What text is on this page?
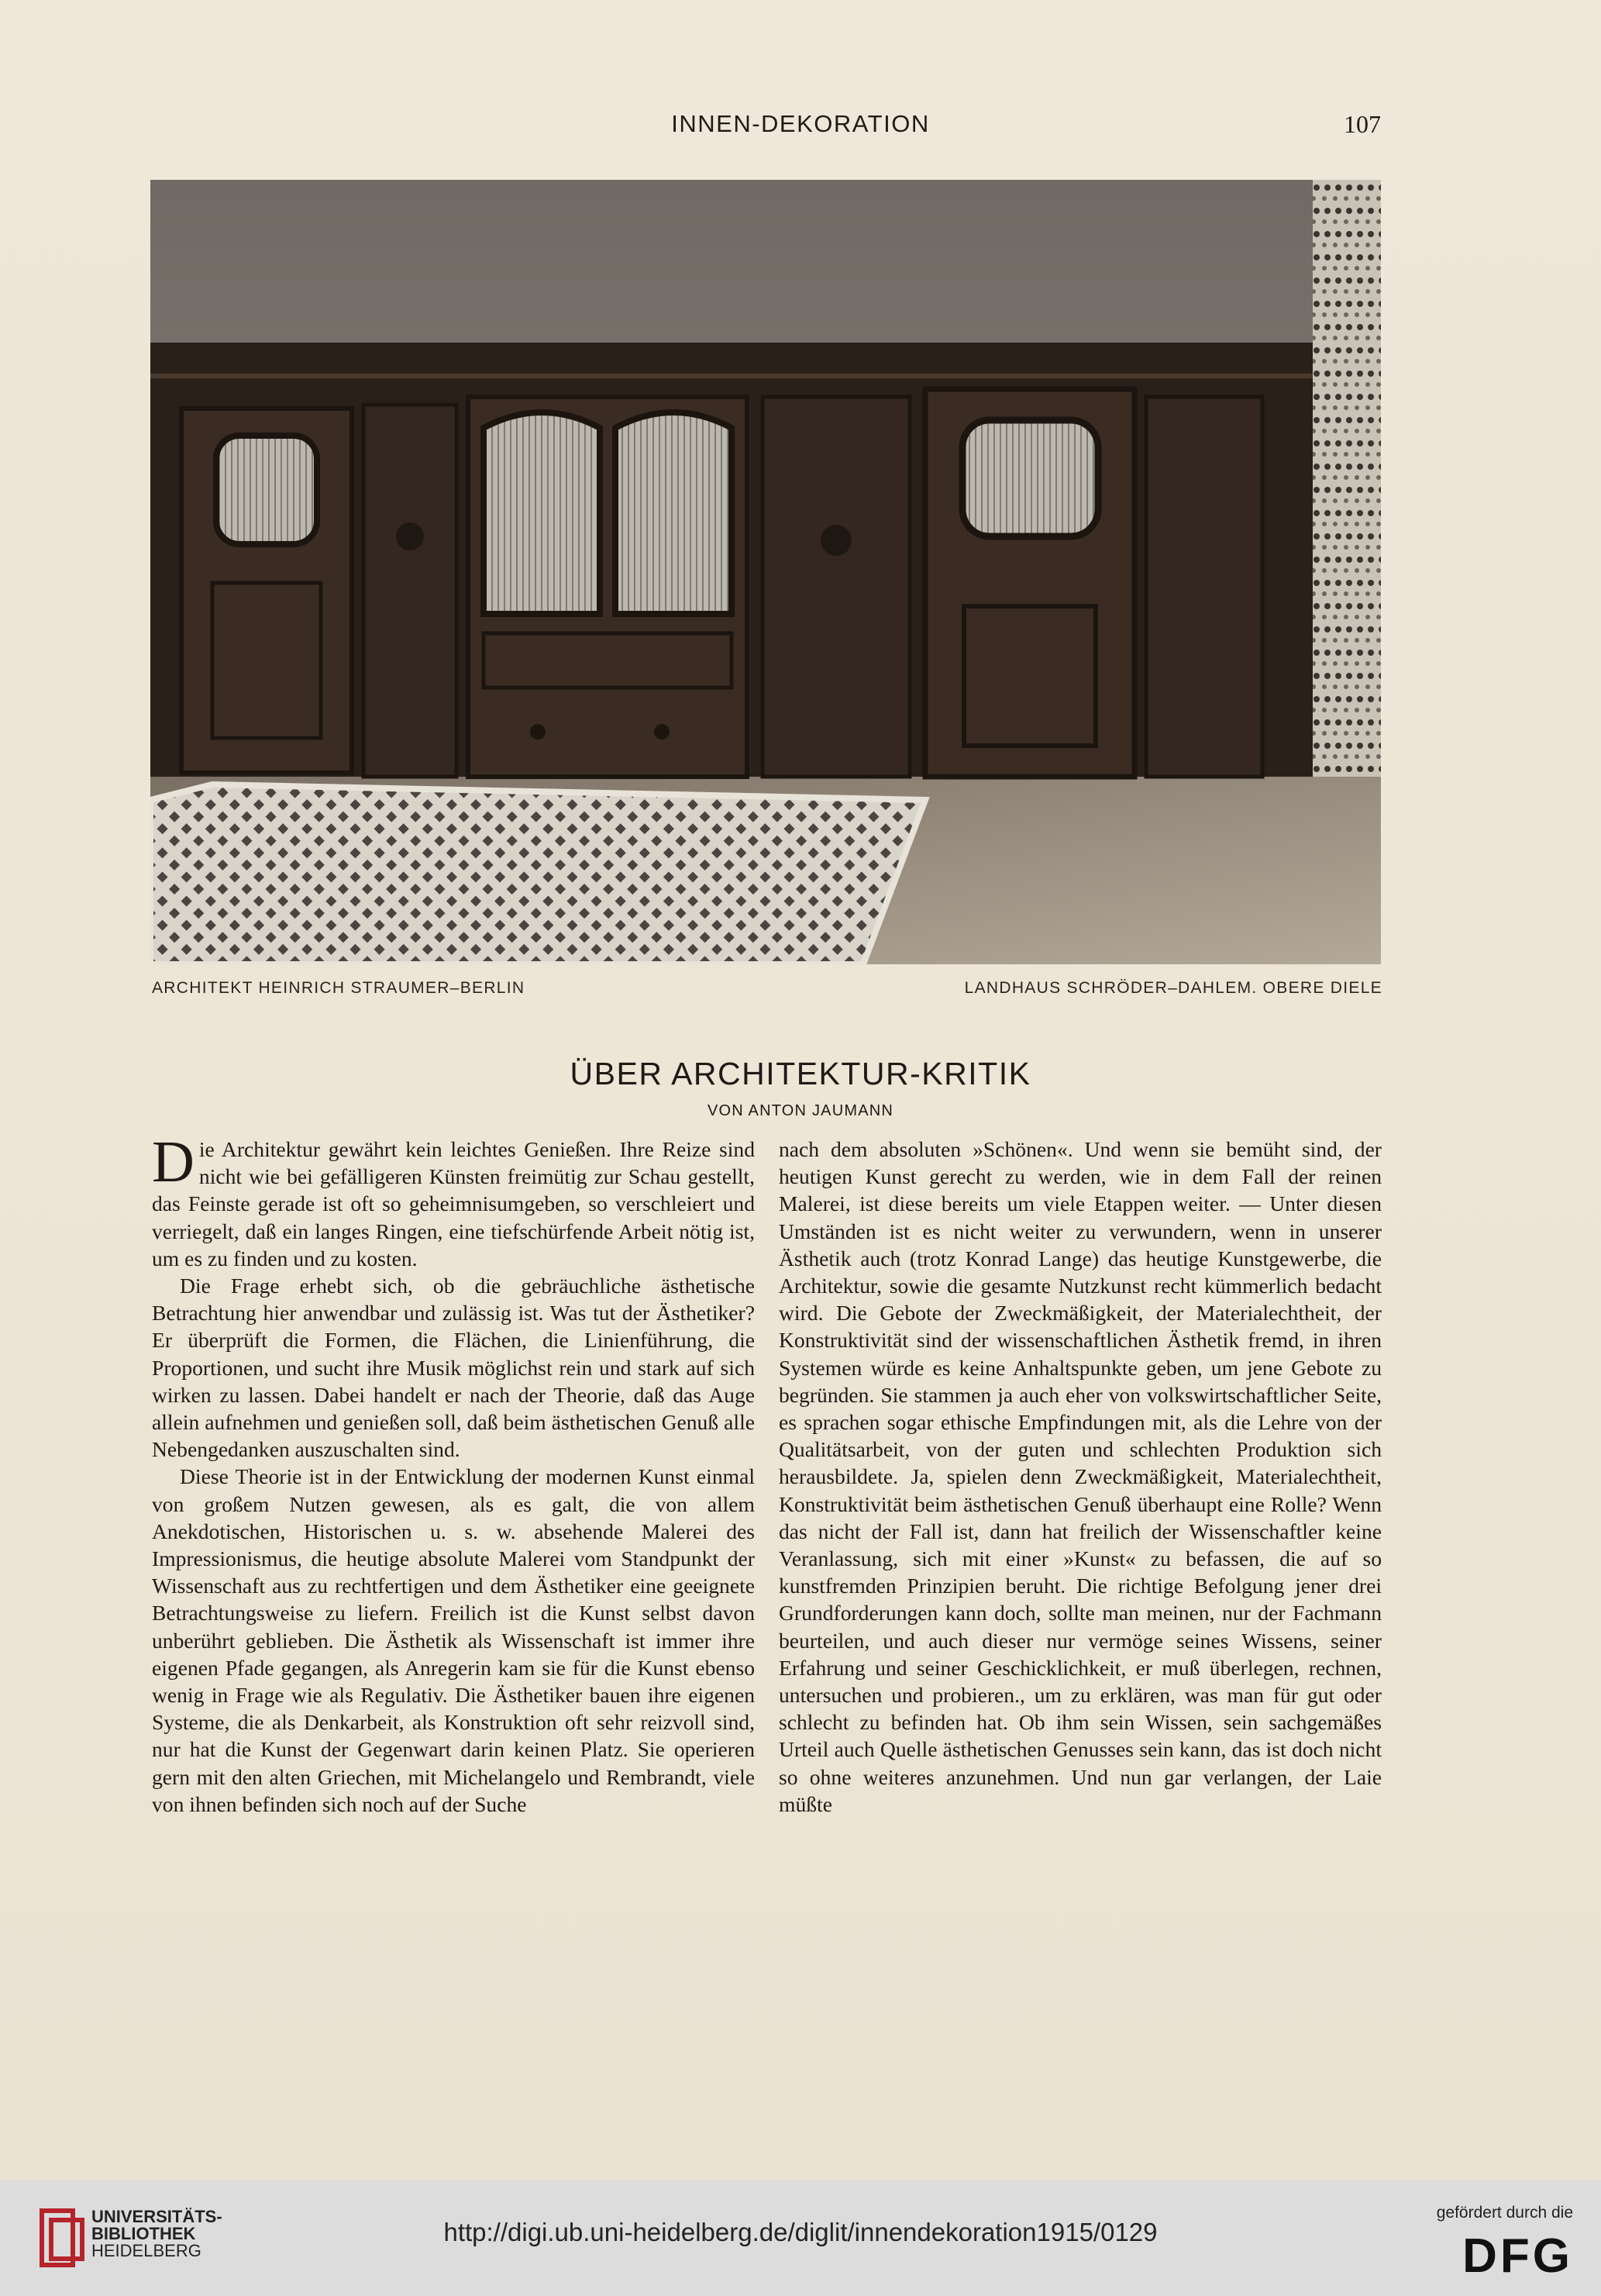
INNEN-DEKORATION	107
ARCHITEKT HEINRICH STRAUMER–BERLIN	LANDHAUS SCHRÖDER–DAHLEM. OBERE DIELE
ÜBER ARCHITEKTUR-KRITIK
VON ANTON JAUMANN

Die Architektur gewährt kein leichtes Genießen. Ihre Reize sind nicht wie bei gefälligeren Künsten freimütig zur Schau gestellt, das Feinste gerade ist oft so geheimnisumgeben, so verschleiert und verriegelt, daß ein langes Ringen, eine tiefschürfende Arbeit nötig ist, um es zu finden und zu kosten.

Die Frage erhebt sich, ob die gebräuchliche ästhetische Betrachtung hier anwendbar und zulässig ist. Was tut der Ästhetiker? Er überprüft die Formen, die Flächen, die Linienführung, die Proportionen, und sucht ihre Musik möglichst rein und stark auf sich wirken zu lassen. Dabei handelt er nach der Theorie, daß das Auge allein aufnehmen und genießen soll, daß beim ästhetischen Genuß alle Nebengedanken auszuschalten sind.

Diese Theorie ist in der Entwicklung der modernen Kunst einmal von großem Nutzen gewesen, als es galt, die von allem Anekdotischen, Historischen u. s. w. absehende Malerei des Impressionismus, die heutige absolute Malerei vom Standpunkt der Wissenschaft aus zu rechtfertigen und dem Ästhetiker eine geeignete Betrachtungsweise zu liefern. Freilich ist die Kunst selbst davon unberührt geblieben. Die Ästhetik als Wissenschaft ist immer ihre eigenen Pfade gegangen, als Anregerin kam sie für die Kunst ebenso wenig in Frage wie als Regulativ. Die Ästhetiker bauen ihre eigenen Systeme, die als Denkarbeit, als Konstruktion oft sehr reizvoll sind, nur hat die Kunst der Gegenwart darin keinen Platz. Sie operieren gern mit den alten Griechen, mit Michelangelo und Rembrandt, viele von ihnen befinden sich noch auf der Suche

nach dem absoluten »Schönen«. Und wenn sie bemüht sind, der heutigen Kunst gerecht zu werden, wie in dem Fall der reinen Malerei, ist diese bereits um viele Etappen weiter. — Unter diesen Umständen ist es nicht weiter zu verwundern, wenn in unserer Ästhetik auch (trotz Konrad Lange) das heutige Kunstgewerbe, die Architektur, sowie die gesamte Nutzkunst recht kümmerlich bedacht wird. Die Gebote der Zweckmäßigkeit, der Materialechtheit, der Konstruktivität sind der wissenschaftlichen Ästhetik fremd, in ihren Systemen würde es keine Anhaltspunkte geben, um jene Gebote zu begründen. Sie stammen ja auch eher von volkswirtschaftlicher Seite, es sprachen sogar ethische Empfindungen mit, als die Lehre von der Qualitätsarbeit, von der guten und schlechten Produktion sich herausbildete. Ja, spielen denn Zweckmäßigkeit, Materialechtheit, Konstruktivität beim ästhetischen Genuß überhaupt eine Rolle? Wenn das nicht der Fall ist, dann hat freilich der Wissenschaftler keine Veranlassung, sich mit einer »Kunst« zu befassen, die auf so kunstfremden Prinzipien beruht. Die richtige Befolgung jener drei Grundforderungen kann doch, sollte man meinen, nur der Fachmann beurteilen, und auch dieser nur vermöge seines Wissens, seiner Erfahrung und seiner Geschicklichkeit, er muß überlegen, rechnen, untersuchen und probieren., um zu erklären, was man für gut oder schlecht zu befinden hat. Ob ihm sein Wissen, sein sachgemäßes Urteil auch Quelle ästhetischen Genusses sein kann, das ist doch nicht so ohne weiteres anzunehmen. Und nun gar verlangen, der Laie müßte

UNIVERSITÄTS-
BIBLIOTHEK
HEIDELBERG
http://digi.ub.uni-heidelberg.de/diglit/innendekoration1915/0129
gefördert durch die
DFG
